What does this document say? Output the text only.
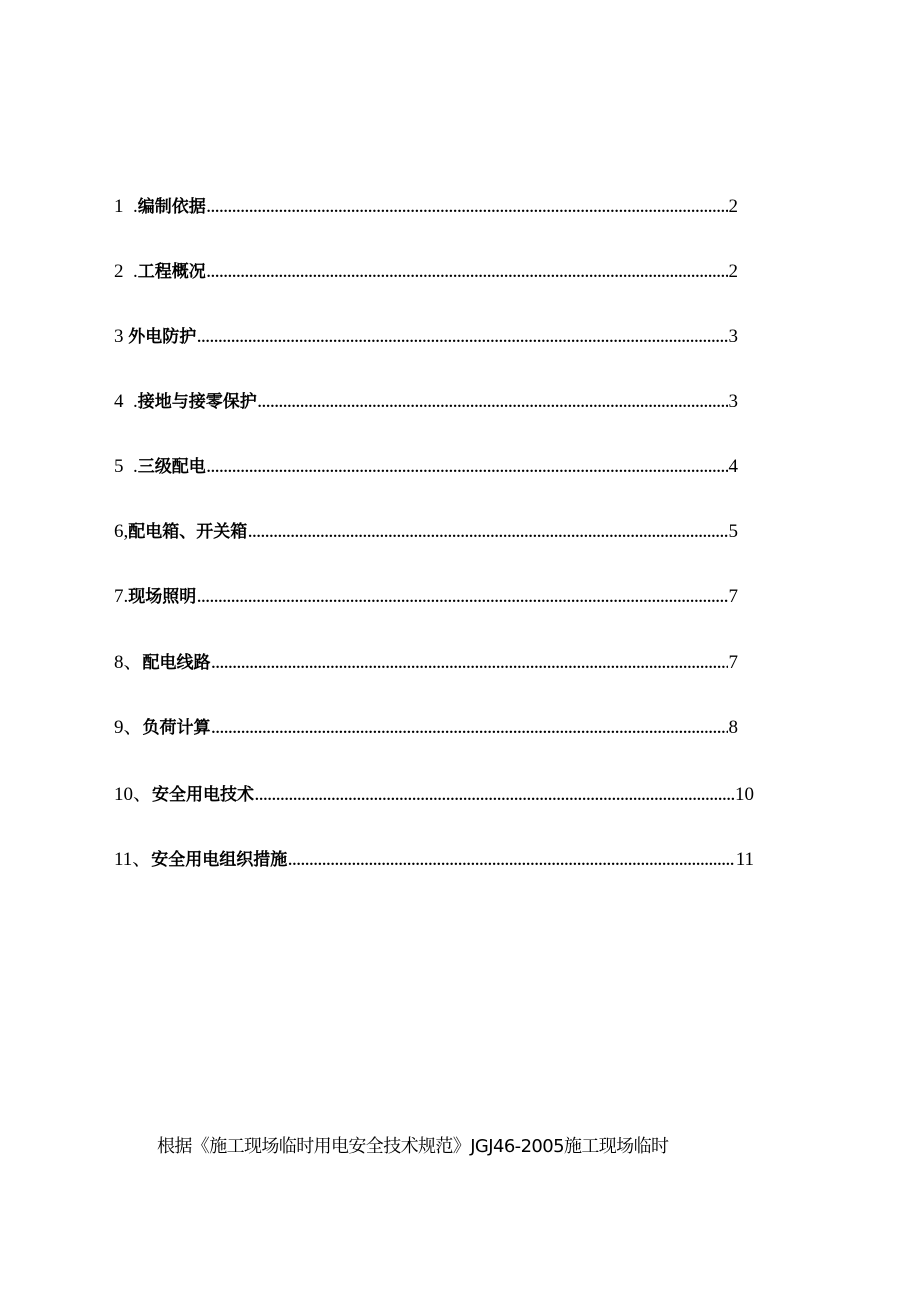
1  . 编制依据 .....	2
2  . 工程概况 .....	2
3 外电防护 .....	3
4  . 接地与接零保护 .....	3
5  . 三级配电 .....	4
6, 配电箱、开关箱 .....	5
7. 现场照明 .....	7
8、 配电线路 .....	7
9、 负荷计算 .....	8
10、 安全用电技术 .....	10
11、 安全用电组织措施 .....	11
根据《施工现场临时用电安全技术规范》JGJ46-2005施工现场临时
